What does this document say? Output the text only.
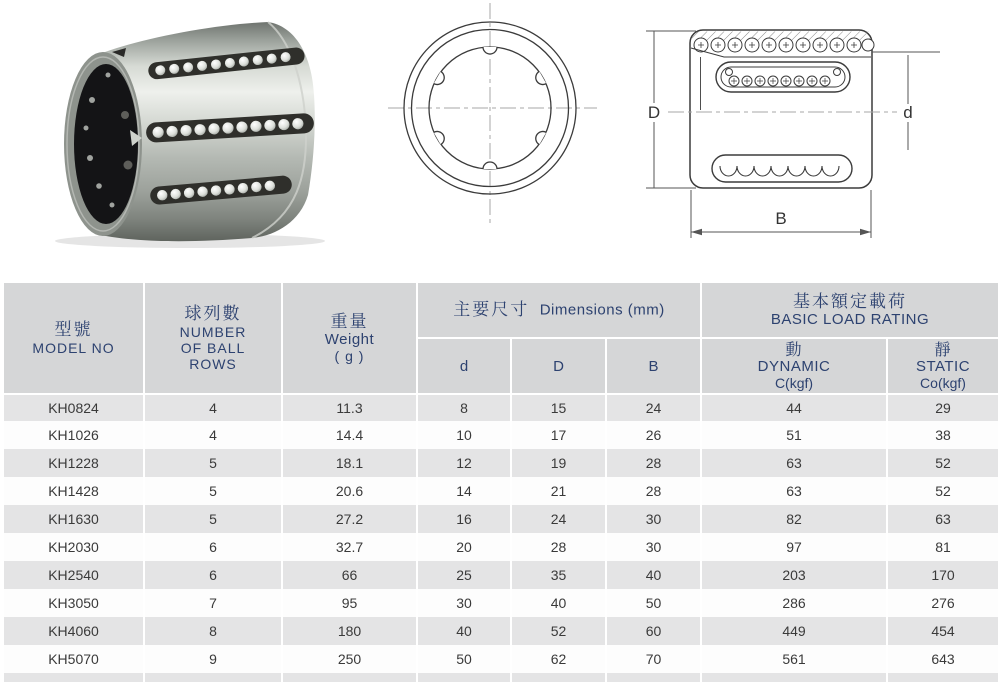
D	d
B
型號
MODEL NO

球列數
NUMBER
OF BALL
ROWS

重量
Weight
( g )

主要尺寸 Dimensions (mm)	基本額定載荷
BASIC LOAD RATING

d	D	B	
動
DYNAMIC
C(kgf)

靜
STATIC
Co(kgf)

KH0824	4	11.3	8	15	24	44	29
KH1026	4	14.4	10	17	26	51	38
KH1228	5	18.1	12	19	28	63	52
KH1428	5	20.6	14	21	28	63	52
KH1630	5	27.2	16	24	30	82	63
KH2030	6	32.7	20	28	30	97	81
KH2540	6	66	25	35	40	203	170
KH3050	7	95	30	40	50	286	276
KH4060	8	180	40	52	60	449	454
KH5070	9	250	50	62	70	561	643
